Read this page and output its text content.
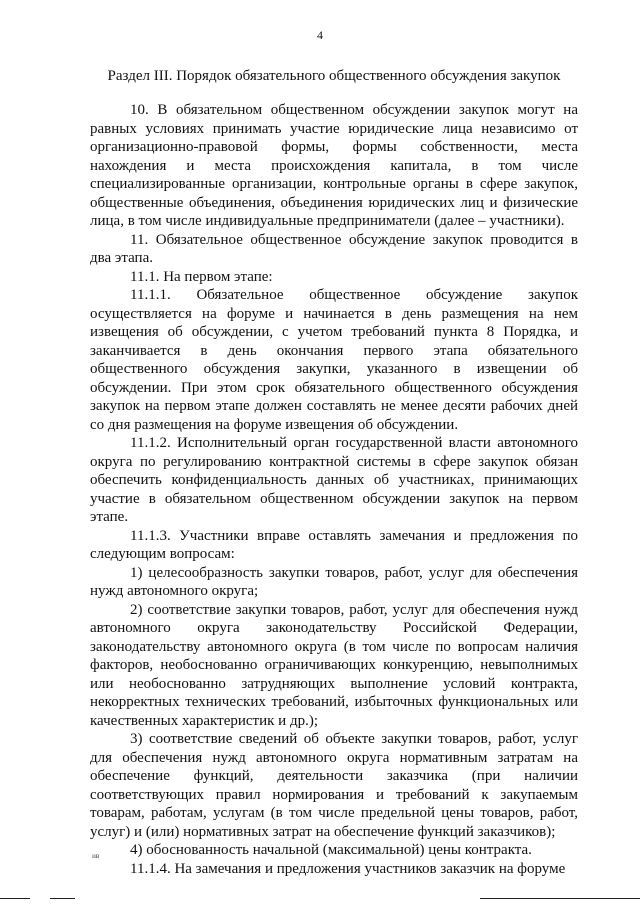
4
Раздел III. Порядок обязательного общественного обсуждения закупок

10. В обязательном общественном обсуждении закупок могут на равных условиях принимать участие юридические лица независимо от организационно-правовой формы, формы собственности, места нахождения и места происхождения капитала, в том числе специализированные организации, контрольные органы в сфере закупок, общественные объединения, объединения юридических лиц и физические лица, в том числе индивидуальные предприниматели (далее – участники).

11. Обязательное общественное обсуждение закупок проводится в два этапа.

11.1. На первом этапе:

11.1.1. Обязательное общественное обсуждение закупок осуществляется на форуме и начинается в день размещения на нем извещения об обсуждении, с учетом требований пункта 8 Порядка, и заканчивается в день окончания первого этапа обязательного общественного обсуждения закупки, указанного в извещении об обсуждении. При этом срок обязательного общественного обсуждения закупок на первом этапе должен составлять не менее десяти рабочих дней со дня размещения на форуме извещения об обсуждении.

11.1.2. Исполнительный орган государственной власти автономного округа по регулированию контрактной системы в сфере закупок обязан обеспечить конфиденциальность данных об участниках, принимающих участие в обязательном общественном обсуждении закупок на первом этапе.

11.1.3. Участники вправе оставлять замечания и предложения по следующим вопросам:

1) целесообразность закупки товаров, работ, услуг для обеспечения нужд автономного округа;

2) соответствие закупки товаров, работ, услуг для обеспечения нужд автономного округа законодательству Российской Федерации, законодательству автономного округа (в том числе по вопросам наличия факторов, необоснованно ограничивающих конкуренцию, невыполнимых или необоснованно затрудняющих выполнение условий контракта, некорректных технических требований, избыточных функциональных или качественных характеристик и др.);

3) соответствие сведений об объекте закупки товаров, работ, услуг для обеспечения нужд автономного округа нормативным затратам на обеспечение функций, деятельности заказчика (при наличии соответствующих правил нормирования и требований к закупаемым товарам, работам, услугам (в том числе предельной цены товаров, работ, услуг) и (или) нормативных затрат на обеспечение функций заказчиков);

4) обоснованность начальной (максимальной) цены контракта.

11.1.4. На замечания и предложения участников заказчик на форуме

ııв
